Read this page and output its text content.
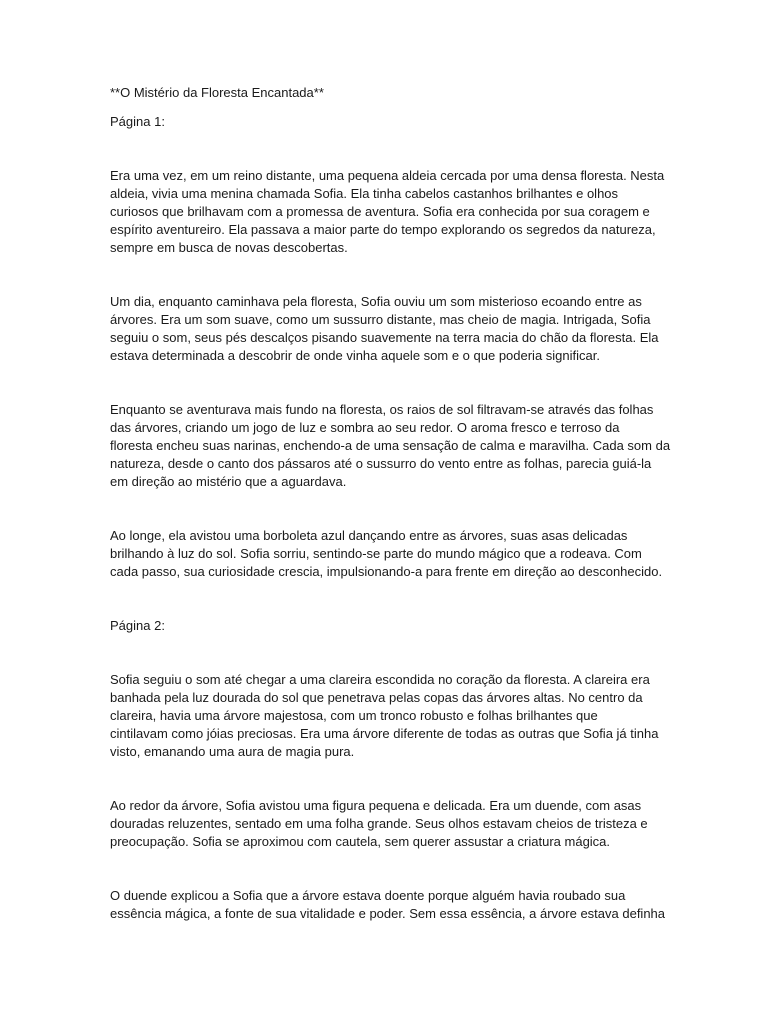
**O Mistério da Floresta Encantada**

Página 1:

Era uma vez, em um reino distante, uma pequena aldeia cercada por uma densa floresta. Nesta

aldeia, vivia uma menina chamada Sofia. Ela tinha cabelos castanhos brilhantes e olhos

curiosos que brilhavam com a promessa de aventura. Sofia era conhecida por sua coragem e

espírito aventureiro. Ela passava a maior parte do tempo explorando os segredos da natureza,

sempre em busca de novas descobertas.

Um dia, enquanto caminhava pela floresta, Sofia ouviu um som misterioso ecoando entre as

árvores. Era um som suave, como um sussurro distante, mas cheio de magia. Intrigada, Sofia

seguiu o som, seus pés descalços pisando suavemente na terra macia do chão da floresta. Ela

estava determinada a descobrir de onde vinha aquele som e o que poderia significar.

Enquanto se aventurava mais fundo na floresta, os raios de sol filtravam-se através das folhas

das árvores, criando um jogo de luz e sombra ao seu redor. O aroma fresco e terroso da

floresta encheu suas narinas, enchendo-a de uma sensação de calma e maravilha. Cada som da

natureza, desde o canto dos pássaros até o sussurro do vento entre as folhas, parecia guiá-la

em direção ao mistério que a aguardava.

Ao longe, ela avistou uma borboleta azul dançando entre as árvores, suas asas delicadas

brilhando à luz do sol. Sofia sorriu, sentindo-se parte do mundo mágico que a rodeava. Com

cada passo, sua curiosidade crescia, impulsionando-a para frente em direção ao desconhecido.

Página 2:

Sofia seguiu o som até chegar a uma clareira escondida no coração da floresta. A clareira era

banhada pela luz dourada do sol que penetrava pelas copas das árvores altas. No centro da

clareira, havia uma árvore majestosa, com um tronco robusto e folhas brilhantes que

cintilavam como jóias preciosas. Era uma árvore diferente de todas as outras que Sofia já tinha

visto, emanando uma aura de magia pura.

Ao redor da árvore, Sofia avistou uma figura pequena e delicada. Era um duende, com asas

douradas reluzentes, sentado em uma folha grande. Seus olhos estavam cheios de tristeza e

preocupação. Sofia se aproximou com cautela, sem querer assustar a criatura mágica.

O duende explicou a Sofia que a árvore estava doente porque alguém havia roubado sua

essência mágica, a fonte de sua vitalidade e poder. Sem essa essência, a árvore estava definha
